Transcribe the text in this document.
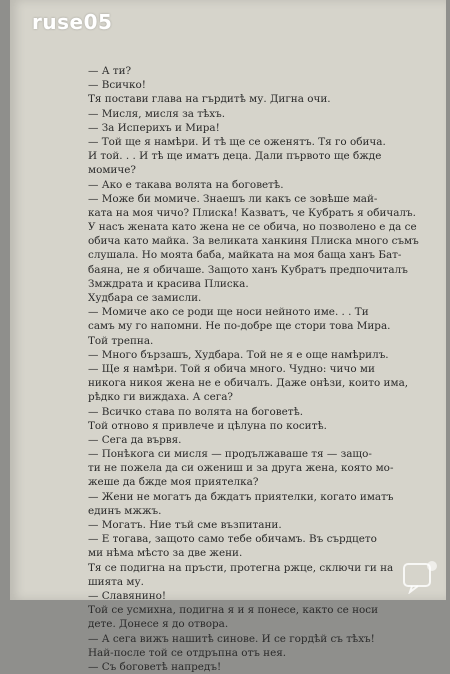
ruse05
— А ти?
— Всичко!
Тя постави глава на гърдитѣ му. Дигна очи.
— Мисля, мисля за тѣхъ.
— За Исперихъ и Мира!
— Той ще я намѣри. И тѣ ще се оженятъ. Тя го обича.
И той. . . И тѣ ще иматъ деца. Дали първото ще бжде
момиче?
— Ако е такава волята на боговетѣ.
— Може би момиче. Знаешъ ли какъ се зовѣше май-
ката на моя чичо? Плиска! Казватъ, че Кубратъ я обичалъ.
У насъ жената като жена не се обича, но позволено е да се
обича като майка. За великата ханкиня Плиска много съмъ
слушала. Но моята баба, майката на моя баща ханъ Бат-
баяна, не я обичаше. Защото ханъ Кубратъ предпочиталъ
Змждрата и красива Плиска.
Худбара се замисли.
— Момиче ако се роди ще носи нейното име. . . Ти
самъ му го напомни. Не по-добре ще стори това Мира.
Той трепна.
— Много бързашъ, Худбара. Той не я е още намѣрилъ.
— Ще я намѣри. Той я обича много. Чудно: чичо ми
никога никоя жена не е обичалъ. Даже онѣзи, които има,
рѣдко ги виждаха. А сега?
— Всичко става по волята на боговетѣ.
Той отново я привлече и цѣлуна по коситѣ.
— Сега да вървя.
— Понѣкога си мисля — продължаваше тя — защо-
ти не пожела да си ожениш и за друга жена, която мо-
жеше да бжде моя приятелка?
— Жени не могатъ да бждатъ приятелки, когато иматъ
единъ мжжъ.
— Могатъ. Ние тъй сме възпитани.
— Е тогава, защото само тебе обичамъ. Въ сърдцето
ми нѣма мѣсто за две жени.
Тя се подигна на пръсти, протегна ржце, сключи ги на
шията му.
— Славянино!
Той се усмихна, подигна я и я понесе, както се носи
дете. Донесе я до отвора.
— А сега вижъ нашитѣ синове. И се гордѣй съ тѣхъ!
Най-после той се отдръпна отъ нея.
— Съ боговетѣ напредъ!
